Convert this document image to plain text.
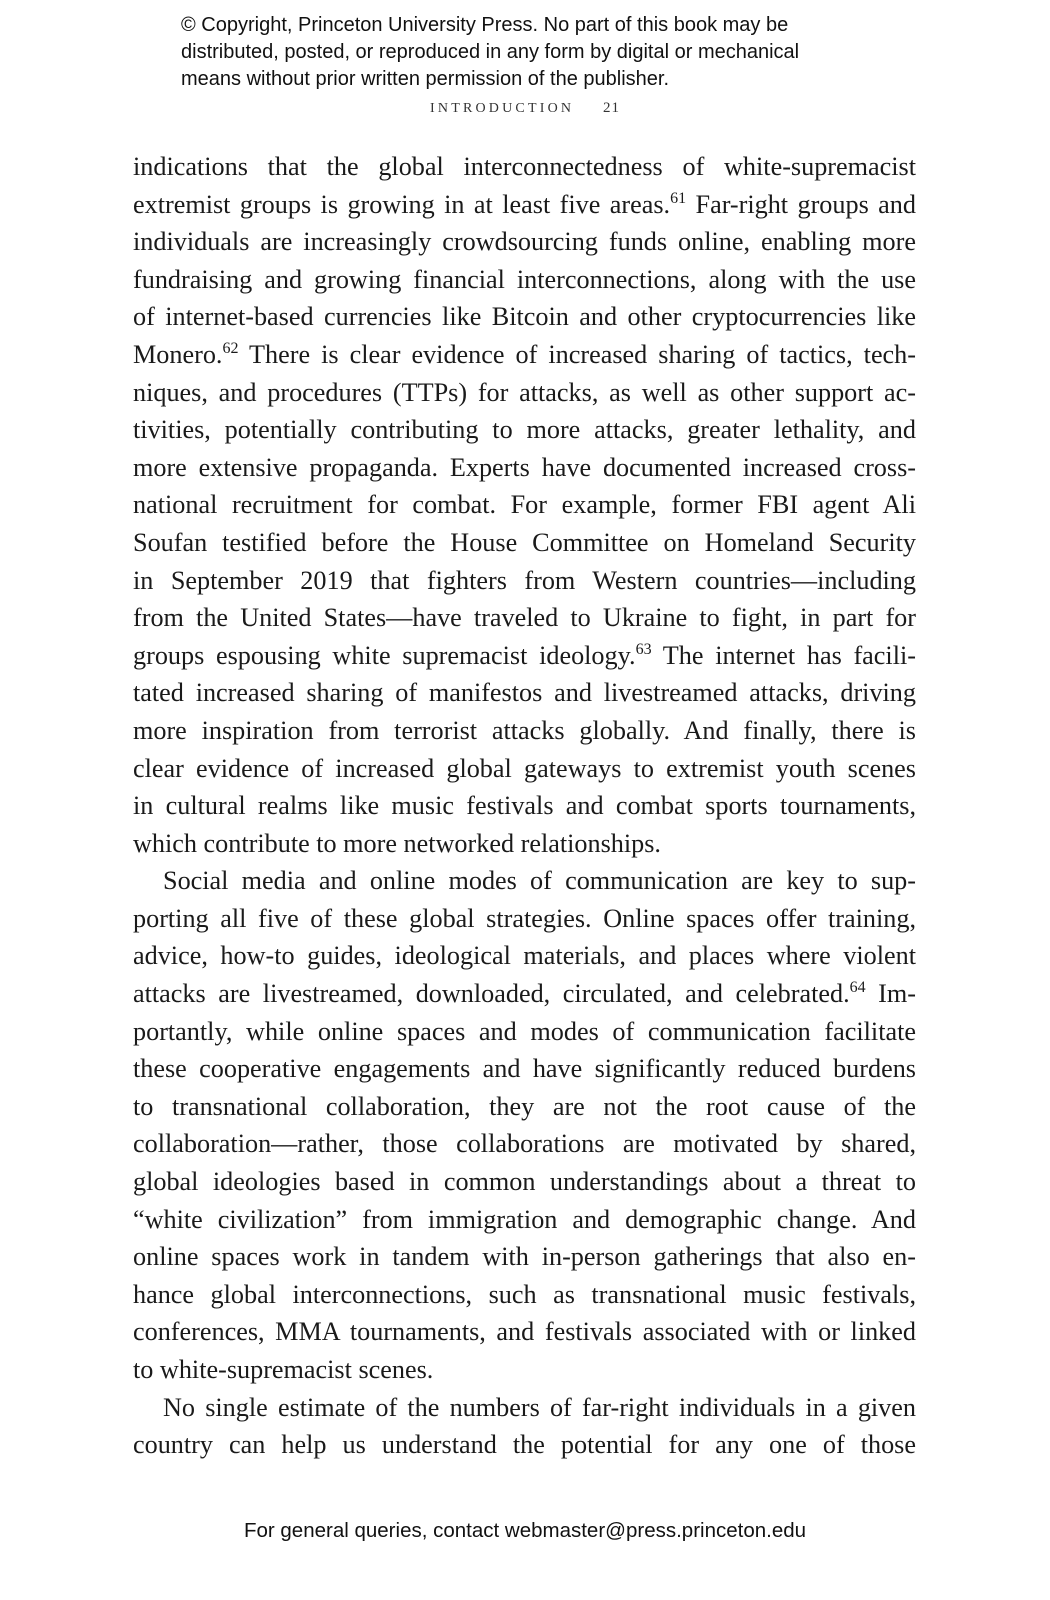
© Copyright, Princeton University Press. No part of this book may be
distributed, posted, or reproduced in any form by digital or mechanical
means without prior written permission of the publisher.
INTRODUCTION 21
indications that the global interconnectedness of white-supremacist
extremist groups is growing in at least five areas.$^{61}$ Far-right groups and
individuals are increasingly crowdsourcing funds online, enabling more
fundraising and growing financial interconnections, along with the use
of internet-based currencies like Bitcoin and other cryptocurrencies like
Monero.$^{62}$ There is clear evidence of increased sharing of tactics, tech-
niques, and procedures (TTPs) for attacks, as well as other support ac-
tivities, potentially contributing to more attacks, greater lethality, and
more extensive propaganda. Experts have documented increased cross-
national recruitment for combat. For example, former FBI agent Ali
Soufan testified before the House Committee on Homeland Security
in September 2019 that fighters from Western countries—including
from the United States—have traveled to Ukraine to fight, in part for
groups espousing white supremacist ideology.$^{63}$ The internet has facili-
tated increased sharing of manifestos and livestreamed attacks, driving
more inspiration from terrorist attacks globally. And finally, there is
clear evidence of increased global gateways to extremist youth scenes
in cultural realms like music festivals and combat sports tournaments,
which contribute to more networked relationships.
Social media and online modes of communication are key to sup-
porting all five of these global strategies. Online spaces offer training,
advice, how-to guides, ideological materials, and places where violent
attacks are livestreamed, downloaded, circulated, and celebrated.$^{64}$ Im-
portantly, while online spaces and modes of communication facilitate
these cooperative engagements and have significantly reduced burdens
to transnational collaboration, they are not the root cause of the
collaboration—rather, those collaborations are motivated by shared,
global ideologies based in common understandings about a threat to
“white civilization” from immigration and demographic change. And
online spaces work in tandem with in-person gatherings that also en-
hance global interconnections, such as transnational music festivals,
conferences, MMA tournaments, and festivals associated with or linked
to white-supremacist scenes.
No single estimate of the numbers of far-right individuals in a given
country can help us understand the potential for any one of those
For general queries, contact webmaster@press.princeton.edu
